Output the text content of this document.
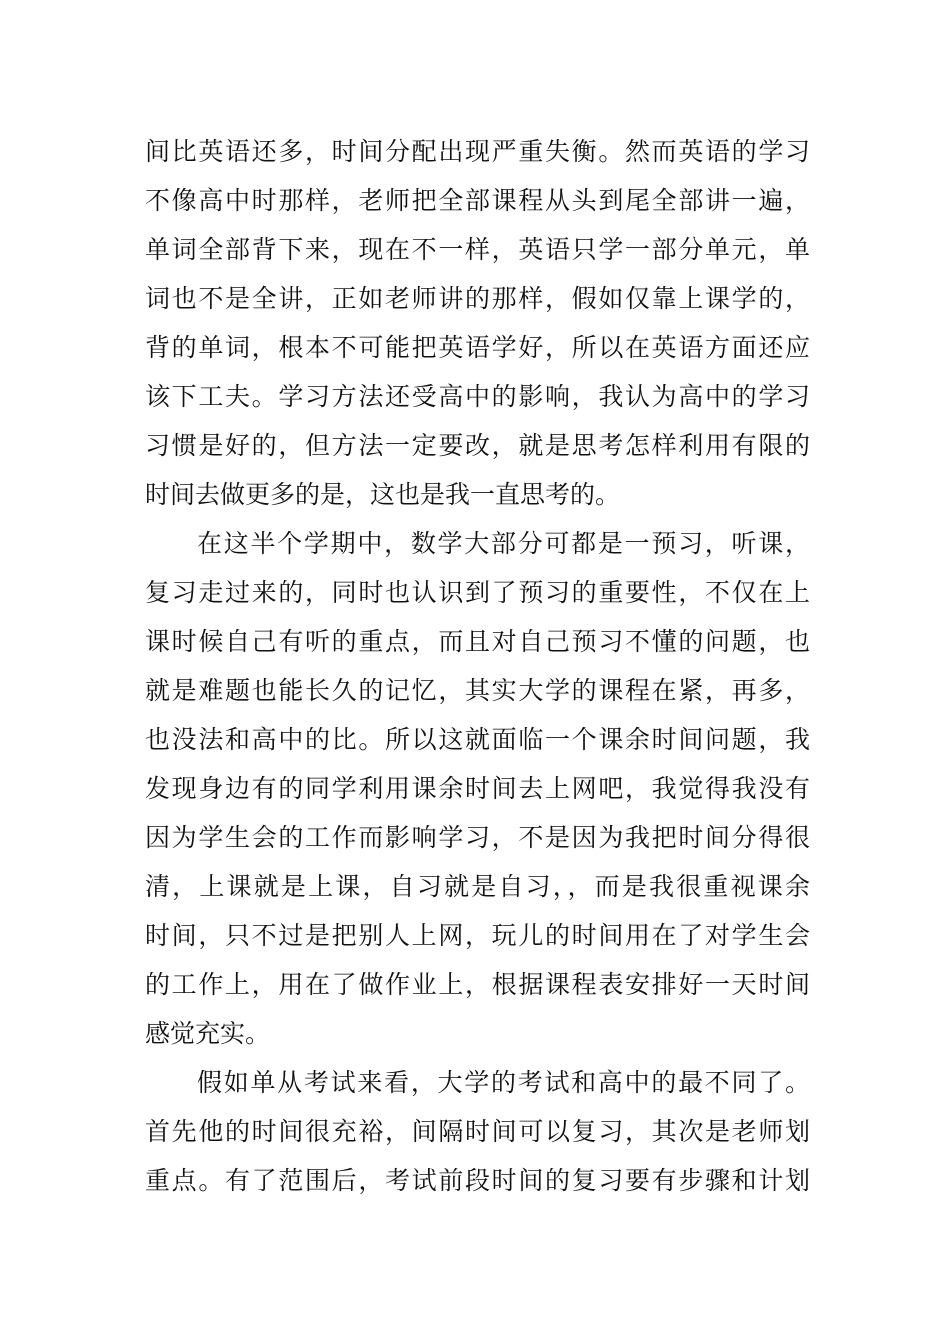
间比英语还多，时间分配出现严重失衡。然而英语的学习
不像高中时那样，老师把全部课程从头到尾全部讲一遍，
单词全部背下来，现在不一样，英语只学一部分单元，单
词也不是全讲，正如老师讲的那样，假如仅靠上课学的，
背的单词，根本不可能把英语学好，所以在英语方面还应
该下工夫。学习方法还受高中的影响，我认为高中的学习
习惯是好的，但方法一定要改，就是思考怎样利用有限的
时间去做更多的是，这也是我一直思考的。
在这半个学期中，数学大部分可都是一预习，听课，
复习走过来的，同时也认识到了预习的重要性，不仅在上
课时候自己有听的重点，而且对自己预习不懂的问题，也
就是难题也能长久的记忆，其实大学的课程在紧，再多，
也没法和高中的比。所以这就面临一个课余时间问题，我
发现身边有的同学利用课余时间去上网吧，我觉得我没有
因为学生会的工作而影响学习，不是因为我把时间分得很
清，上课就是上课，自习就是自习，，而是我很重视课余
时间，只不过是把别人上网，玩儿的时间用在了对学生会
的工作上，用在了做作业上，根据课程表安排好一天时间
感觉充实。
假如单从考试来看，大学的考试和高中的最不同了。
首先他的时间很充裕，间隔时间可以复习，其次是老师划
重点。有了范围后，考试前段时间的复习要有步骤和计划
